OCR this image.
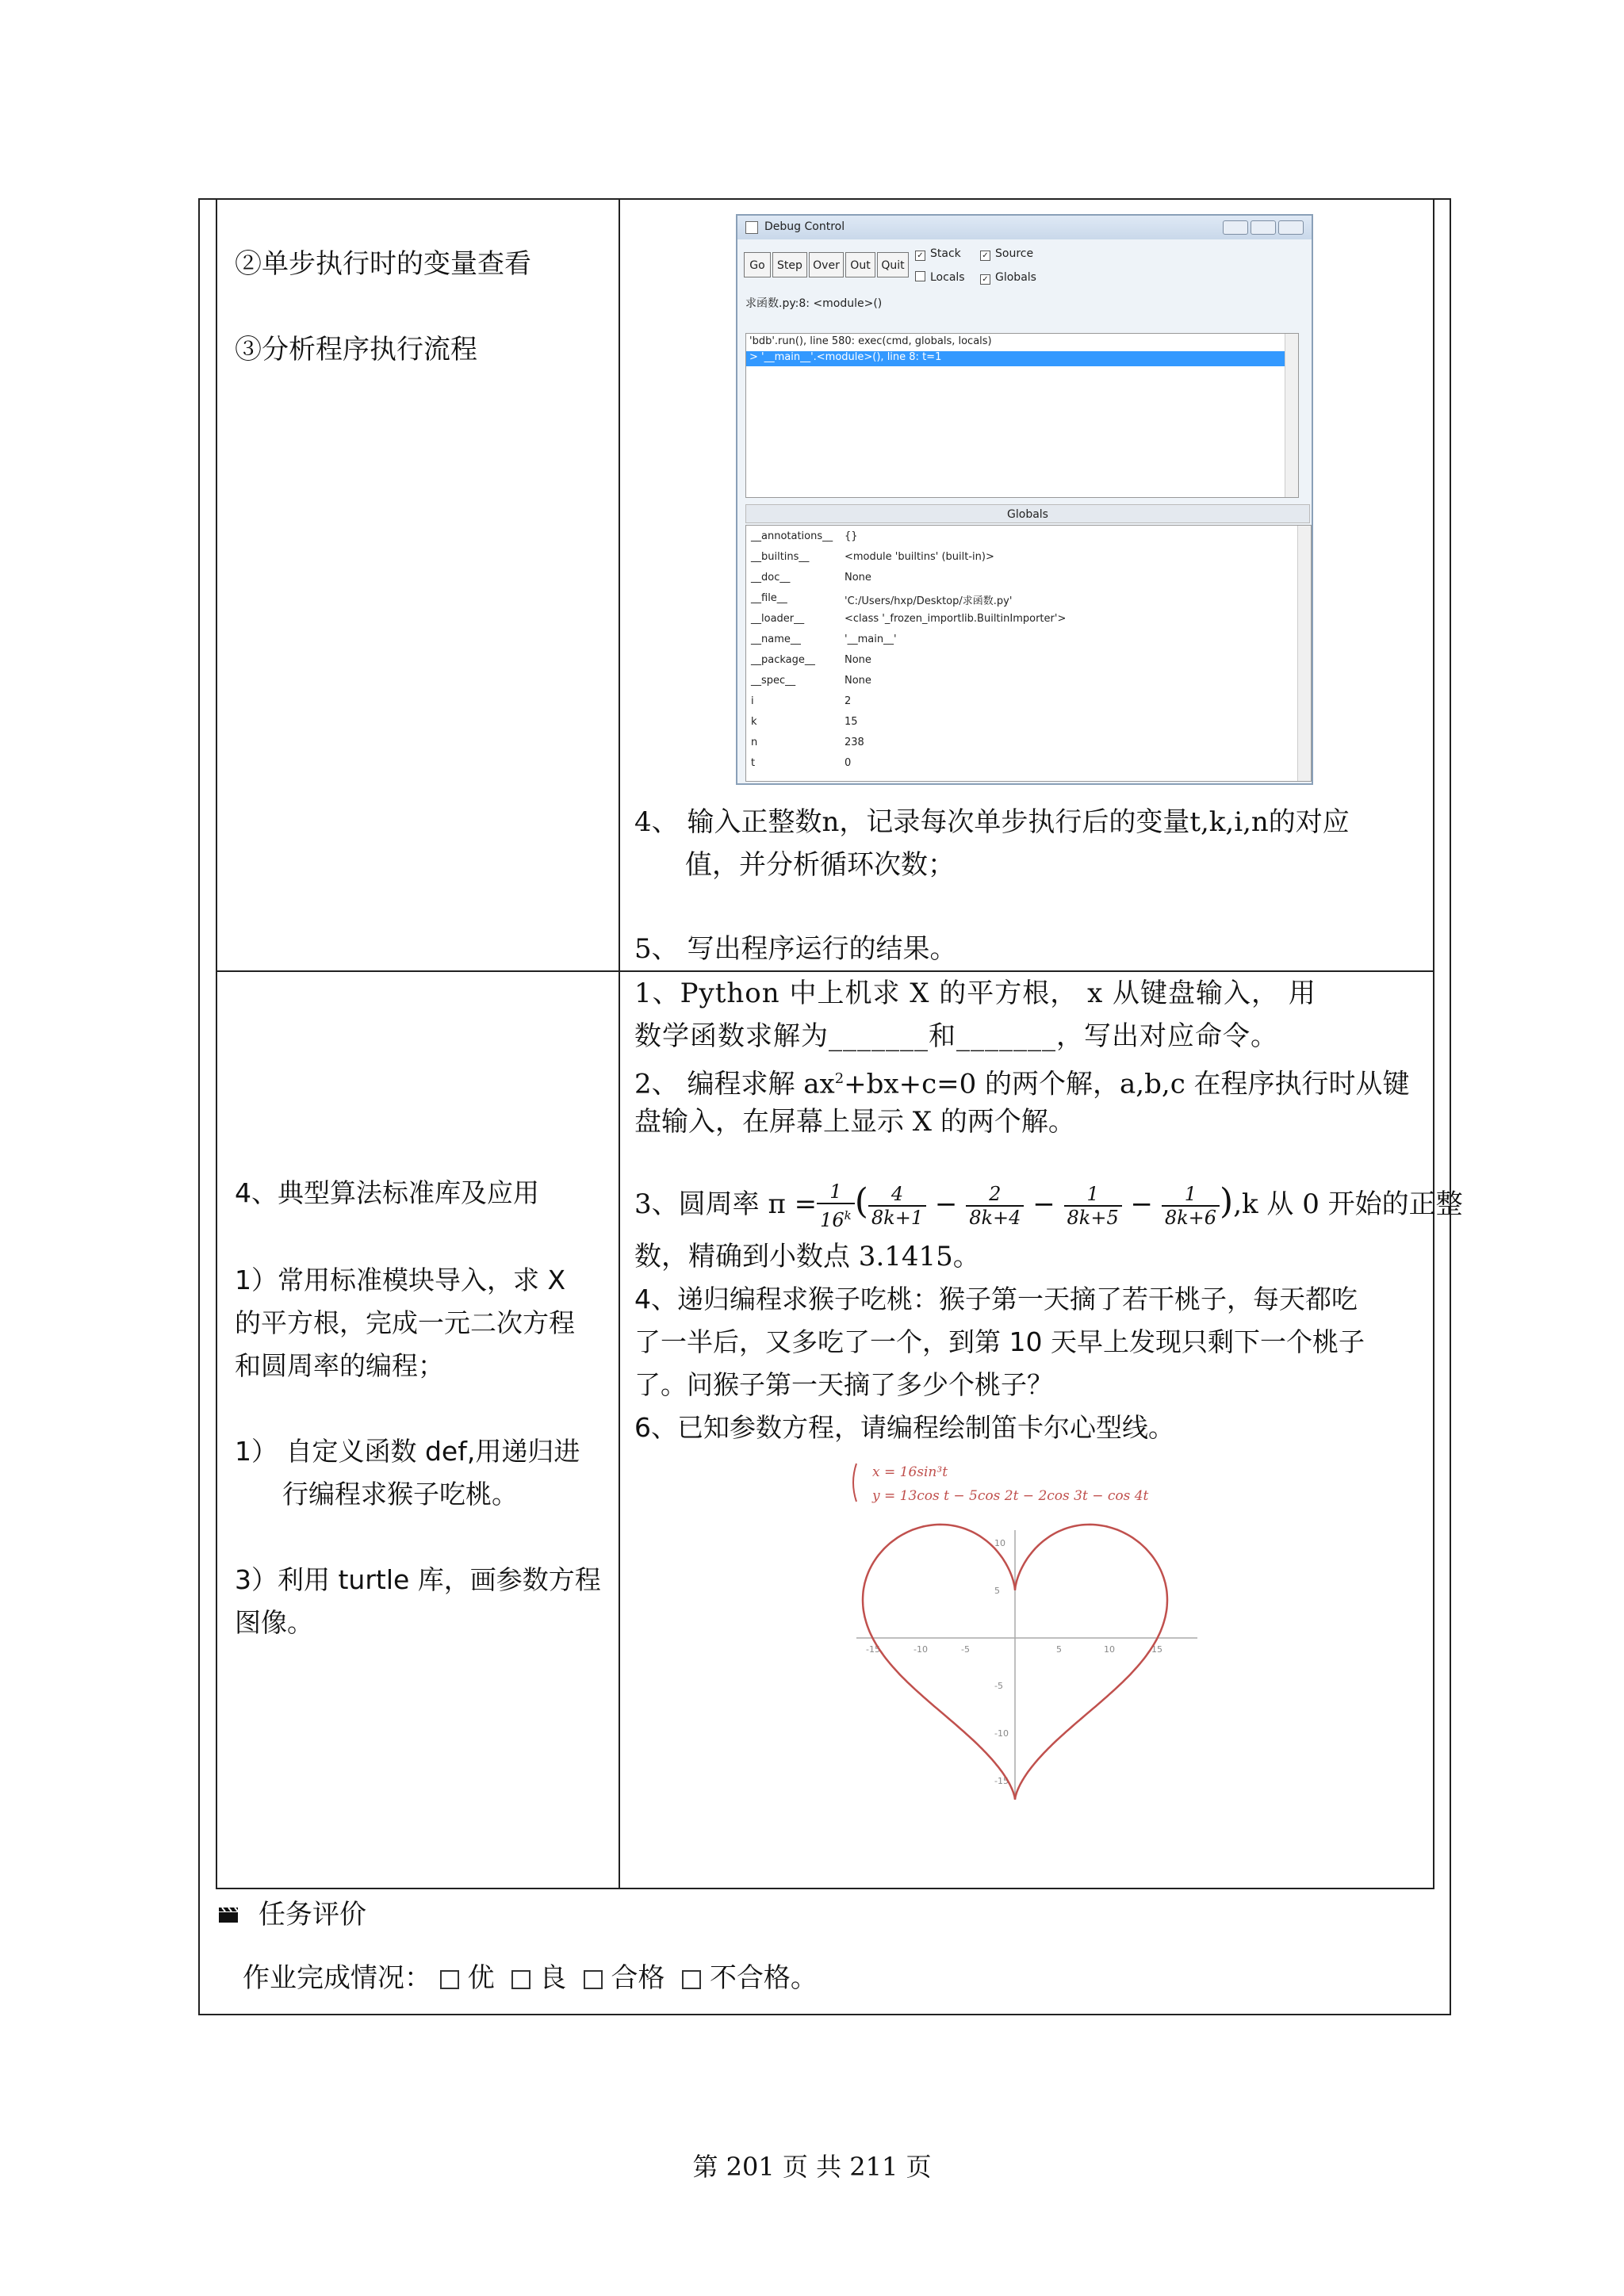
②单步执行时的变量查看
③分析程序执行流程
Debug Control
Go	Step Over Out Quit
✓ Stack	✓ Source
Locals ✓ Globals
求函数.py:8: <module>()
'bdb'.run(), line 580: exec(cmd, globals, locals)
> '__main__'.<module>(), line 8: t=1
Globals
__annotations__ {}
__builtins__	<module 'builtins' (built-in)>
__doc__	None
__file__	'C:/Users/hxp/Desktop/求函数.py'
__loader__	<class '_frozen_importlib.BuiltinImporter'>
__name__	'__main__'
__package__	None
__spec__	None
i	2
k	15
n	238
t	0
4、 输入正整数n，记录每次单步执行后的变量t,k,i,n的对应
值，并分析循环次数；
5、 写出程序运行的结果。
4、典型算法标准库及应用
1）常用标准模块导入，求 X
的平方根，完成一元二次方程
和圆周率的编程；
1） 自定义函数 def,用递归进
行编程求猴子吃桃。
3）利用 turtle 库，画参数方程
图像。
1、Python 中上机求 X 的平方根， x 从键盘输入， 用
数学函数求解为_______和_______，写出对应命令。
2、 编程求解 $ax^2+bx+c=0$ 的两个解，a,b,c 在程序执行时从键
盘输入，在屏幕上显示 X 的两个解。
3、圆周率 $\pi = \frac{1}{16^k}$ ( $\frac{4}{8k+1} - \frac{2}{8k+4} - \frac{1}{8k+5} - \frac{1}{8k+6} ),k$ 从 0 开始的正整
数，精确到小数点 3.1415。
4、递归编程求猴子吃桃：猴子第一天摘了若干桃子，每天都吃
了一半后，又多吃了一个，到第 10 天早上发现只剩下一个桃子
了。问猴子第一天摘了多少个桃子？
6、已知参数方程，请编程绘制笛卡尔心型线。
x = 16sin³t
y = 13cos t − 5cos 2t − 2cos 3t − cos 4t
-15	-10	-5	5	10	15
10
5
-5
-10
-15
任务评价
作业完成情况： 优 良 合格 不合格。
第 201 页 共 211 页
